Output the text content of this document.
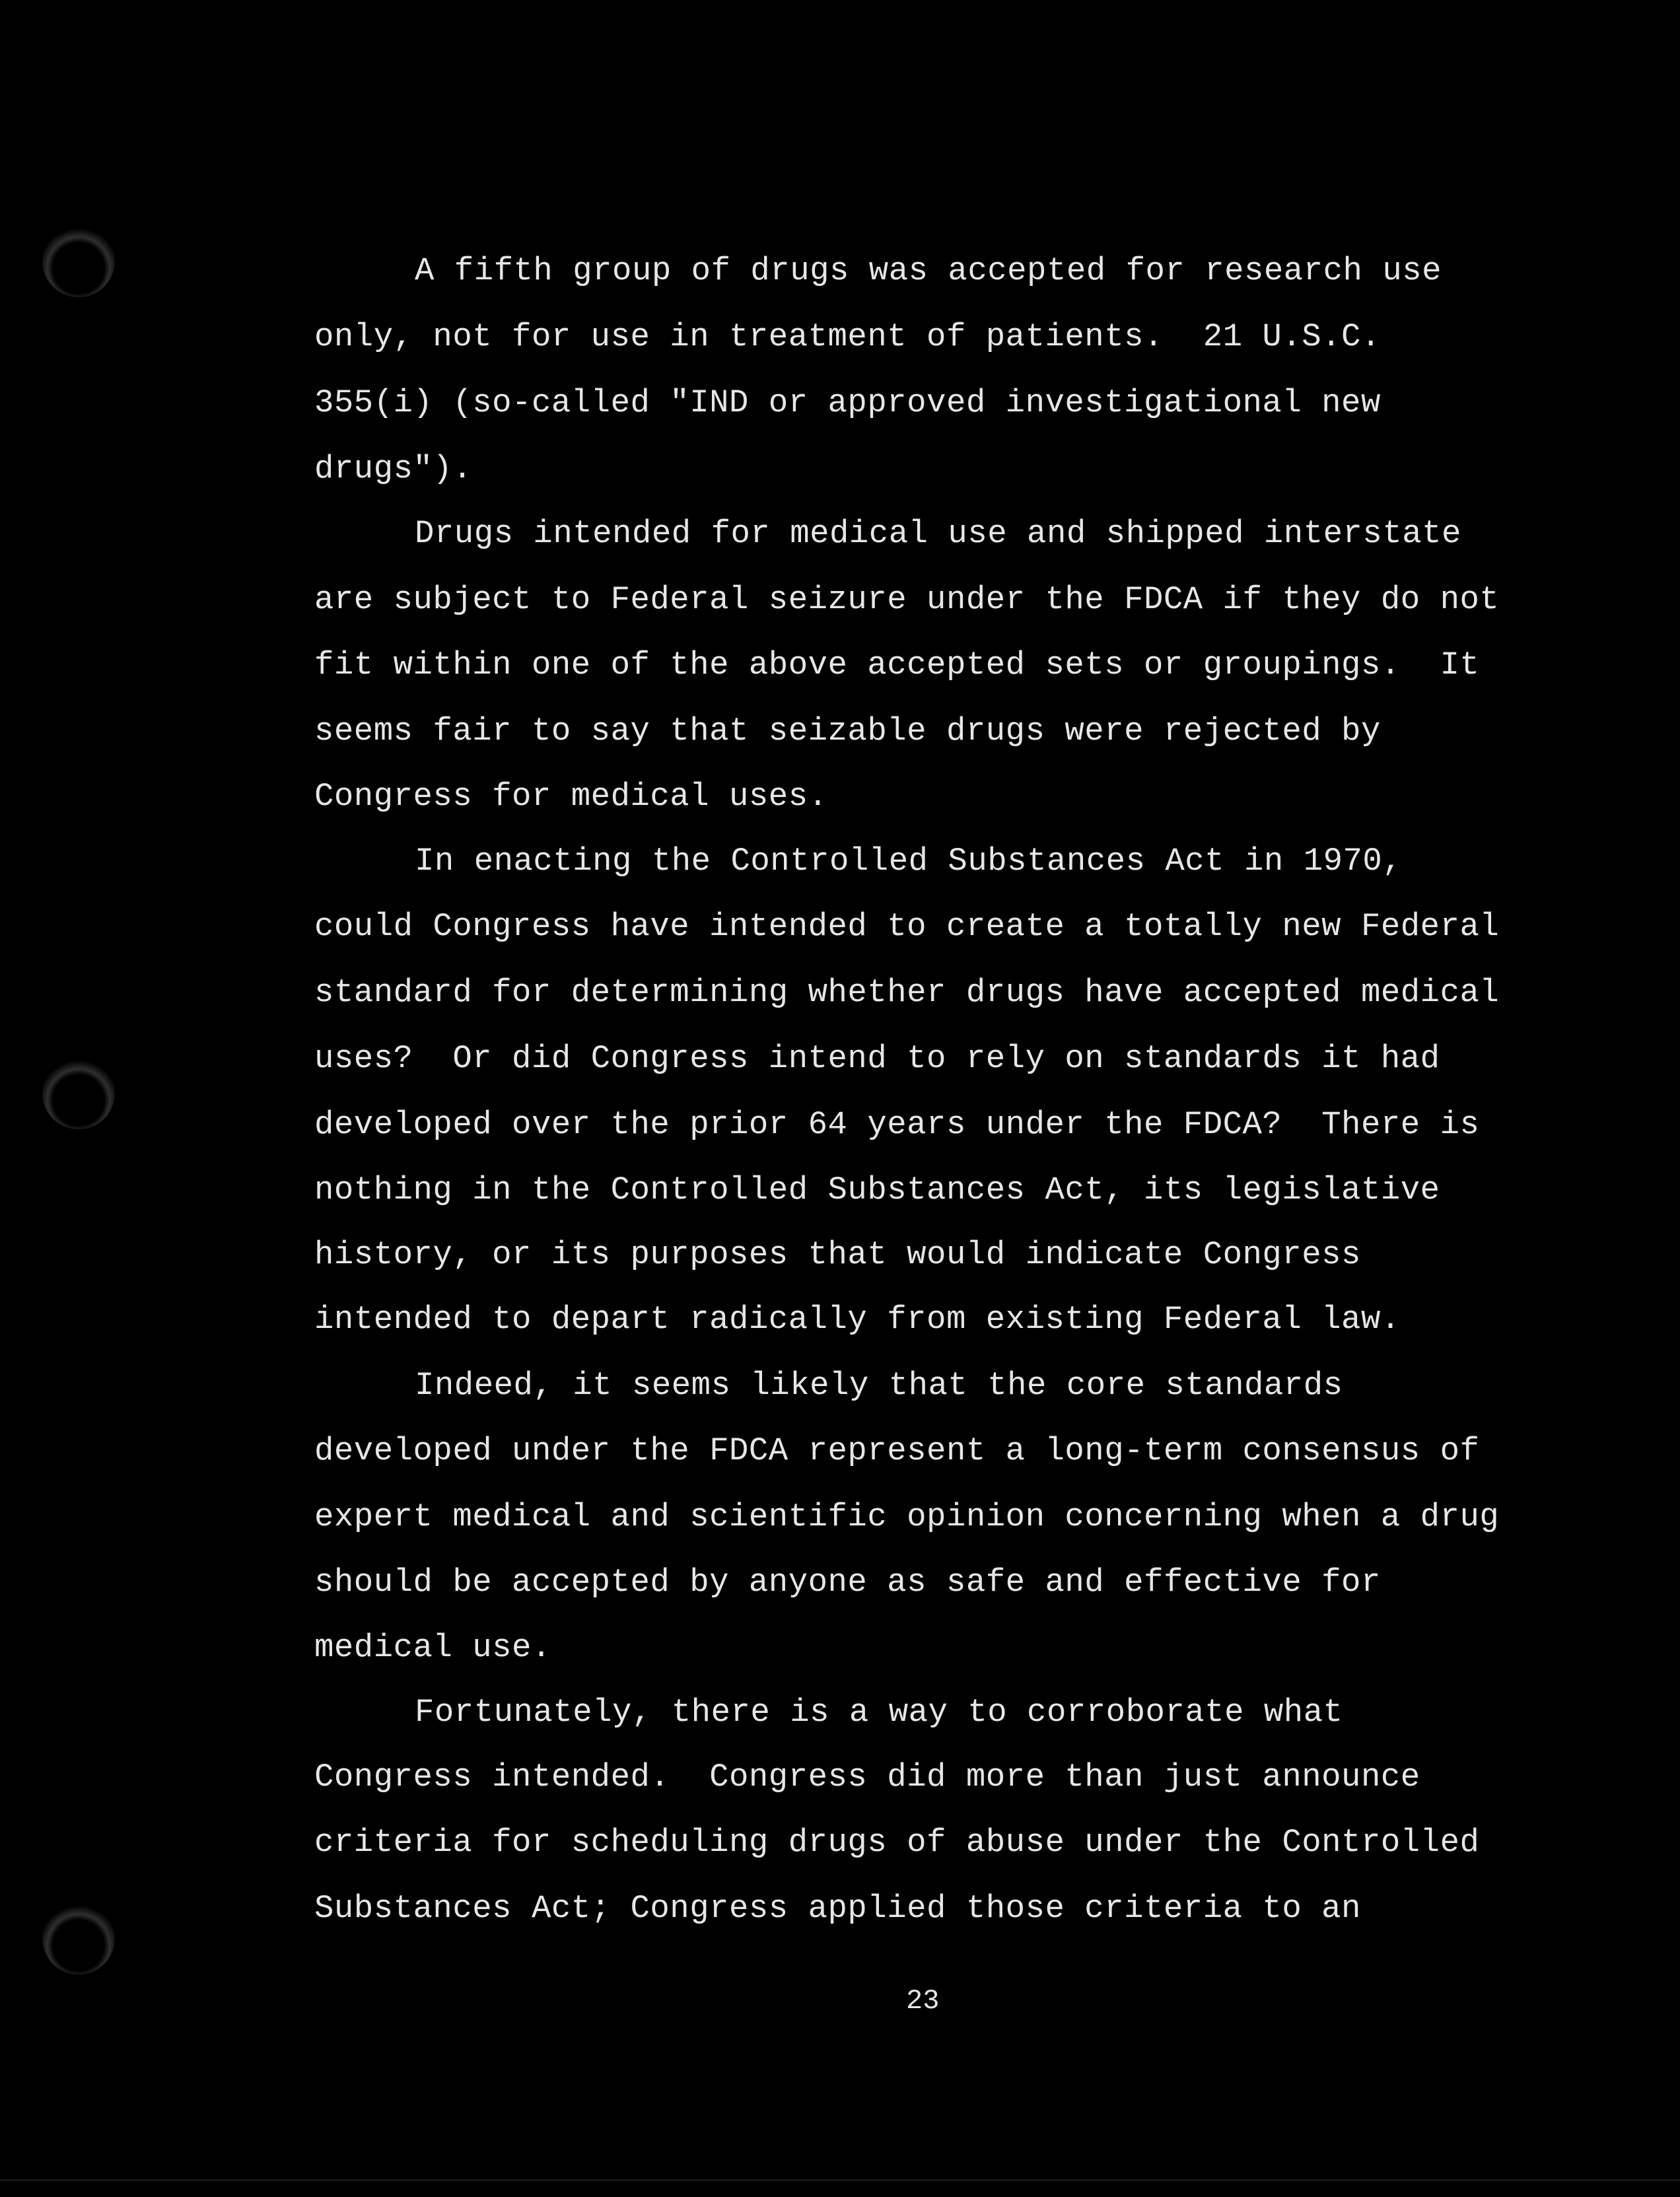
A fifth group of drugs was accepted for research use
only, not for use in treatment of patients.  21 U.S.C.
355(i) (so-called "IND or approved investigational new
drugs").
Drugs intended for medical use and shipped interstate
are subject to Federal seizure under the FDCA if they do not
fit within one of the above accepted sets or groupings.  It
seems fair to say that seizable drugs were rejected by
Congress for medical uses.
In enacting the Controlled Substances Act in 1970,
could Congress have intended to create a totally new Federal
standard for determining whether drugs have accepted medical
uses?  Or did Congress intend to rely on standards it had
developed over the prior 64 years under the FDCA?  There is
nothing in the Controlled Substances Act, its legislative
history, or its purposes that would indicate Congress
intended to depart radically from existing Federal law.
Indeed, it seems likely that the core standards
developed under the FDCA represent a long-term consensus of
expert medical and scientific opinion concerning when a drug
should be accepted by anyone as safe and effective for
medical use.
Fortunately, there is a way to corroborate what
Congress intended.  Congress did more than just announce
criteria for scheduling drugs of abuse under the Controlled
Substances Act; Congress applied those criteria to an
23
